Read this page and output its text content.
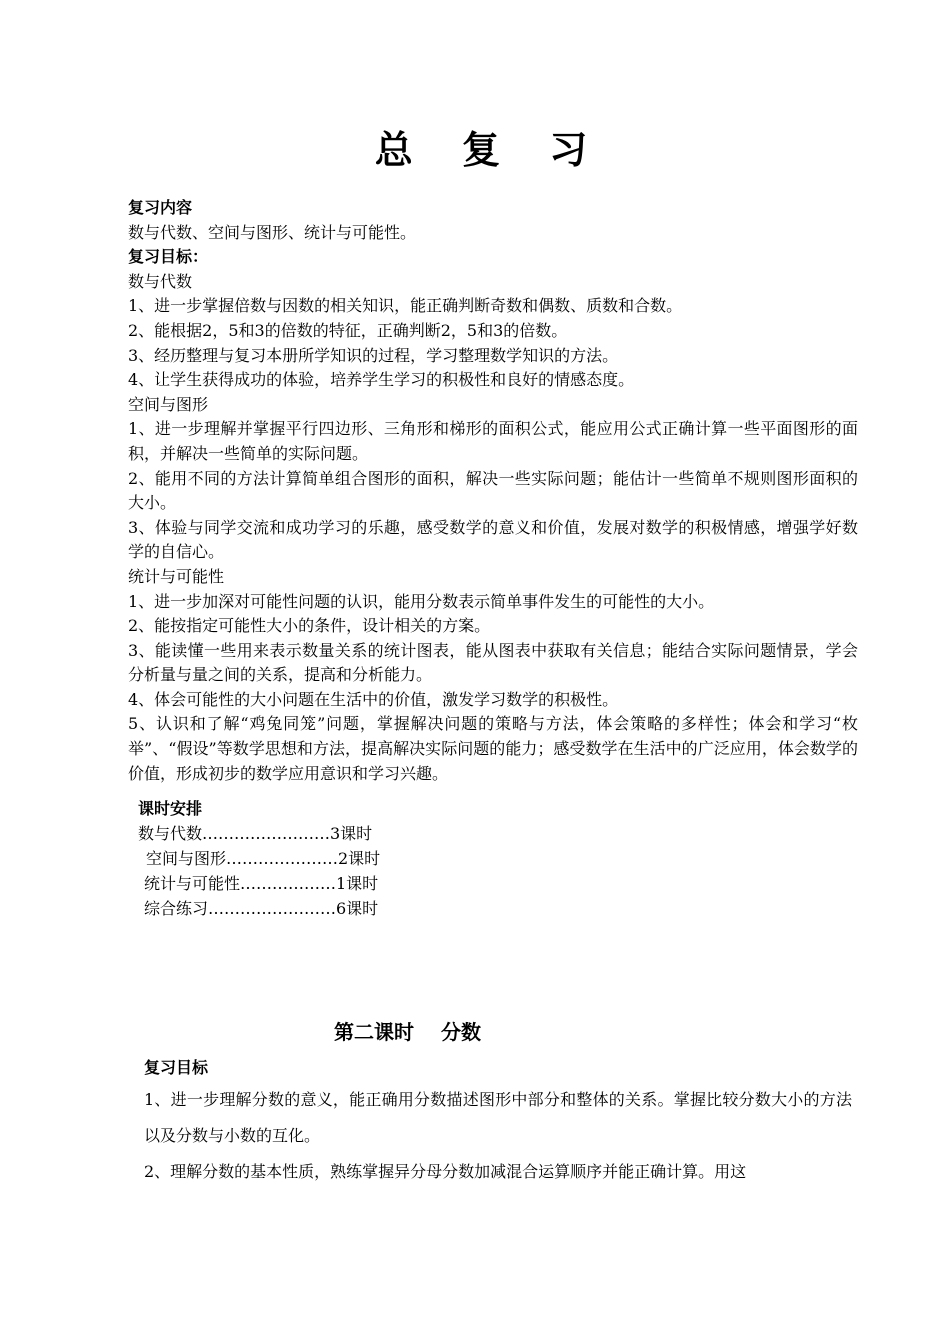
总 复 习
复习内容
数与代数、空间与图形、统计与可能性。
复习目标：
数与代数
1、进一步掌握倍数与因数的相关知识，能正确判断奇数和偶数、质数和合数。
2、能根据2，5和3的倍数的特征，正确判断2，5和3的倍数。
3、经历整理与复习本册所学知识的过程，学习整理数学知识的方法。
4、让学生获得成功的体验，培养学生学习的积极性和良好的情感态度。
空间与图形
1、进一步理解并掌握平行四边形、三角形和梯形的面积公式，能应用公式正确计算一些平面图形的面积，并解决一些简单的实际问题。
2、能用不同的方法计算简单组合图形的面积，解决一些实际问题；能估计一些简单不规则图形面积的大小。
3、体验与同学交流和成功学习的乐趣，感受数学的意义和价值，发展对数学的积极情感，增强学好数学的自信心。
统计与可能性
1、进一步加深对可能性问题的认识，能用分数表示简单事件发生的可能性的大小。
2、能按指定可能性大小的条件，设计相关的方案。
3、能读懂一些用来表示数量关系的统计图表，能从图表中获取有关信息；能结合实际问题情景，学会分析量与量之间的关系，提高和分析能力。
4、体会可能性的大小问题在生活中的价值，激发学习数学的积极性。
5、认识和了解“鸡兔同笼”问题，掌握解决问题的策略与方法，体会策略的多样性；体会和学习“枚举”、“假设”等数学思想和方法，提高解决实际问题的能力；感受数学在生活中的广泛应用，体会数学的价值，形成初步的数学应用意识和学习兴趣。
课时安排
数与代数……………………3课时
空间与图形…………………2课时
统计与可能性………………1课时
综合练习……………………6课时
第二课时　 分数
复习目标
1、进一步理解分数的意义，能正确用分数描述图形中部分和整体的关系。掌握比较分数大小的方法以及分数与小数的互化。
2、理解分数的基本性质，熟练掌握异分母分数加减混合运算顺序并能正确计算。用这
